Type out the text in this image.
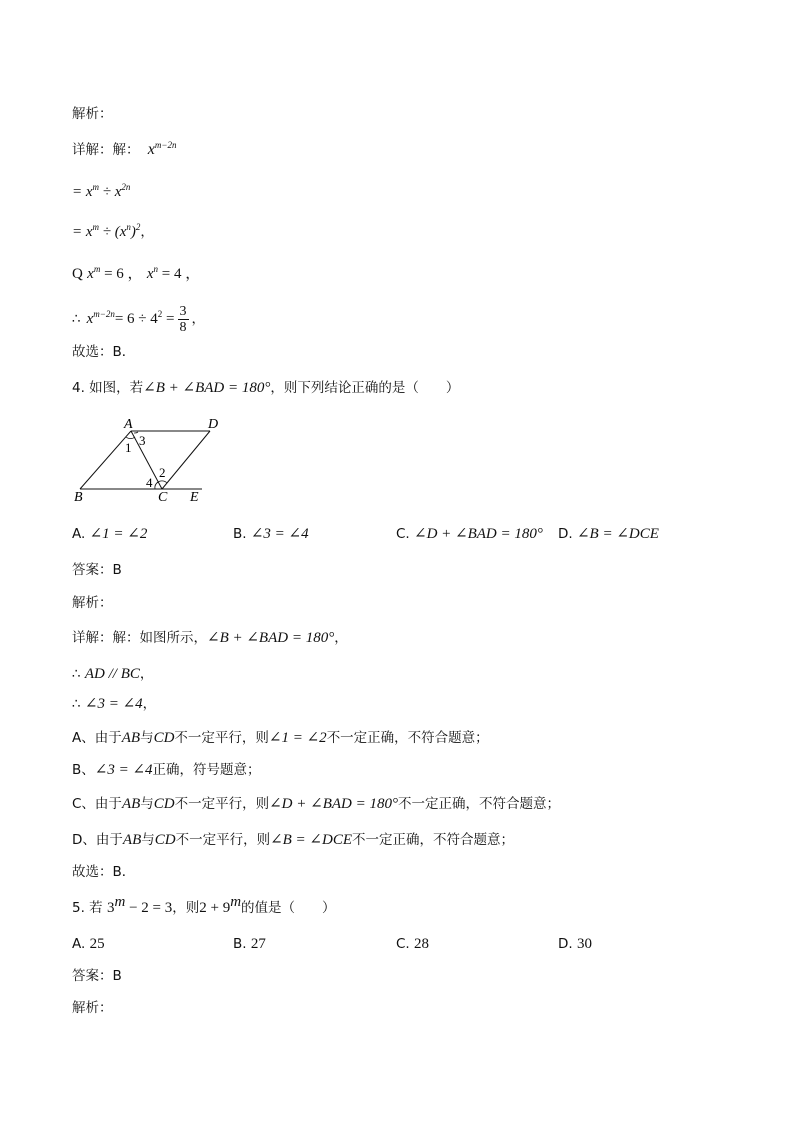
解析：
详解：解： $x^{m-2n}$
= $x^m \div x^{2n}$
= $x^m \div (x^n)^2$，
Q $x^m = 6$ ， $x^n = 4$ ，
∴ $x^{m-2n} = 6 \div 4^2 = \frac{3}{8}$ ，
故选：B．
4. 如图，若∠B + ∠BAD = 180°，则下列结论正确的是（　　）
A	D
B	C E
1 3
2
4
A. ∠1 = ∠2	B. ∠3 = ∠4	C. ∠D + ∠BAD = 180° D. ∠B = ∠DCE
答案：B
解析：
详解：解：如图所示，∠B + ∠BAD = 180°，
∴ AD // BC，
∴ ∠3 = ∠4，
A、由于AB与CD不一定平行，则∠1 = ∠2不一定正确，不符合题意；
B、∠3 = ∠4正确，符号题意；
C、由于AB与CD不一定平行，则∠D + ∠BAD = 180°不一定正确，不符合题意；
D、由于AB与CD不一定平行，则∠B = ∠DCE不一定正确，不符合题意；
故选：B．
5. 若 $3^m - 2 = 3$，则$2 + 9^m$的值是（　　）
A. 25	B. 27	C. 28	D. 30
答案：B
解析：
